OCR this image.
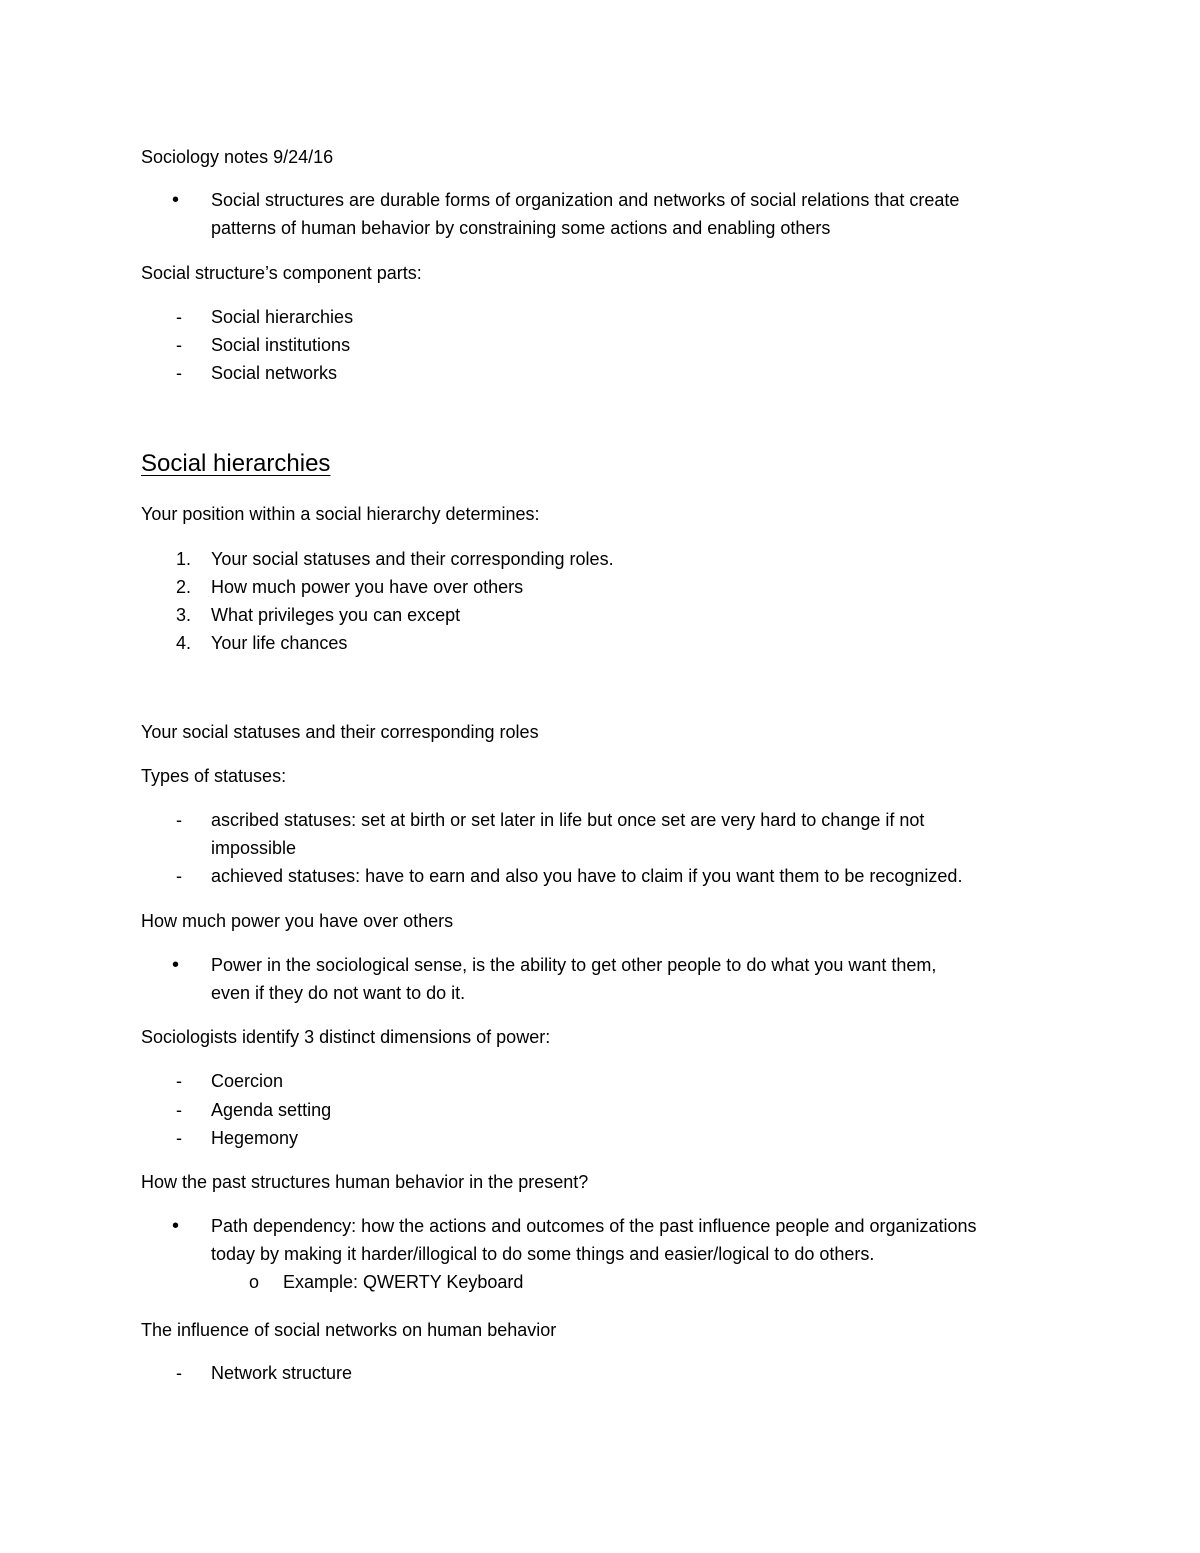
Sociology notes 9/24/16
• Social structures are durable forms of organization and networks of social relations that create
patterns of human behavior by constraining some actions and enabling others
Social structure’s component parts:
- Social hierarchies
- Social institutions
- Social networks
Social hierarchies
Your position within a social hierarchy determines:
1. Your social statuses and their corresponding roles.
2. How much power you have over others
3. What privileges you can except
4. Your life chances
Your social statuses and their corresponding roles
Types of statuses:
- ascribed statuses: set at birth or set later in life but once set are very hard to change if not
impossible
- achieved statuses: have to earn and also you have to claim if you want them to be recognized.
How much power you have over others
• Power in the sociological sense, is the ability to get other people to do what you want them,
even if they do not want to do it.
Sociologists identify 3 distinct dimensions of power:
- Coercion
- Agenda setting
- Hegemony
How the past structures human behavior in the present?
• Path dependency: how the actions and outcomes of the past influence people and organizations
today by making it harder/illogical to do some things and easier/logical to do others.
o Example: QWERTY Keyboard
The influence of social networks on human behavior
- Network structure
